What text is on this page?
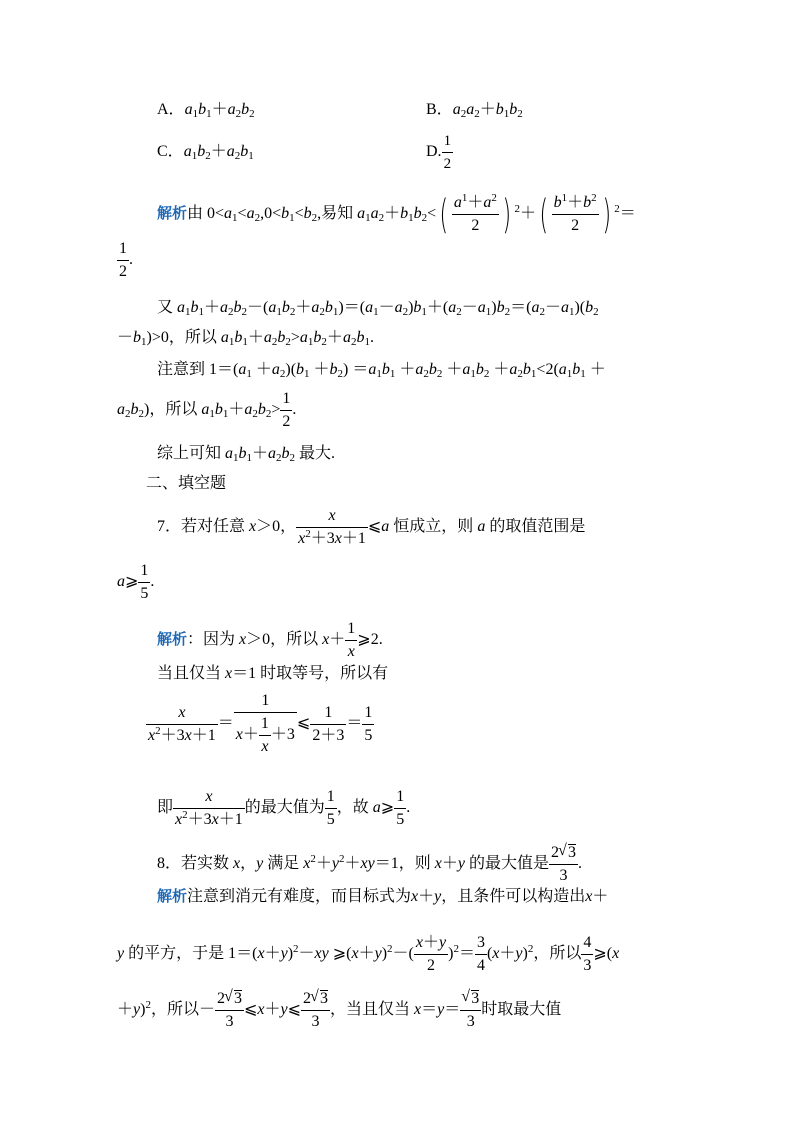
A．$a_1b_1+a_2b_2$	B．$a_2a_2+b_1b_2$
C．$a_1b_2+a_2b_1$	D. $\frac{1}{2}$
解析由 $0<a_1<a_2,0<b_1<b_2$,易知 $a_1a_2+b_1b_2<( \frac{a^1+a^2}{2}$ ) $^2+( \frac{b^1+b^2}{2}$ ) $^2$＝
$\frac{1}{2}$ .
又 $a_1b_1+a_2b_2-(a_1b_2+a_2b_1)=(a_1-a_2)b_1+(a_2-a_1)b_2=(a_2-a_1)(b_2$
$-b_1)>0$，所以 $a_1b_1+a_2b_2>a_1b_2+a_2b_1$.
注意到 $1=(a_1 +a_2)(b_1 +b_2) =a_1b_1 +a_2b_2 +a_1b_2 +a_2b_1<2(a_1b_1$ ＋
$a_2b_2$)，所以 $a_1b_1+a_2b_2> \frac{1}{2}$ .
综上可知 $a_1b_1+a_2b_2$ 最大.
二、填空题
7．若对任意 x＞0， $\frac{x}{x^2+3x+1}$ ⩽a 恒成立，则 a 的取值范围是
a⩾ $\frac{1}{5}$ .
解析：因为 x＞0，所以 $x+ \frac{1}{x}$ ⩾2.
当且仅当 x＝1 时取等号，所以有
$\frac{x}{x^2+3x+1} = \frac{1}{x+ \frac{1}{x} +3}$ ⩽ $\frac{1}{2+3} = \frac{1}{5}$
即 $\frac{x}{x^2+3x+1}$ 的最大值为 $\frac{1}{5}$ ，故 a⩾ $\frac{1}{5}$ .
8．若实数 x，y 满足 $x^2+y^2+xy=1$，则 x＋y 的最大值是 $\frac{2 √ 3}{3}$ .
解析注意到消元有难度，而目标式为x＋y，且条件可以构造出x＋
y 的平方，于是 $1=(x+y)^2-xy$ $⩾(x+y)^2-( \frac{x+y}{2} )^2= \frac{3}{4} (x+y)^2$，所以 $\frac{4}{3}$ ⩾(x
＋y)$^2$，所以－ $\frac{2 √ 3}{3}$ ⩽x＋y⩽ $\frac{2 √ 3}{3}$ ，当且仅当 x＝y＝ √ $\frac{3}{3}$ 时取最大值
